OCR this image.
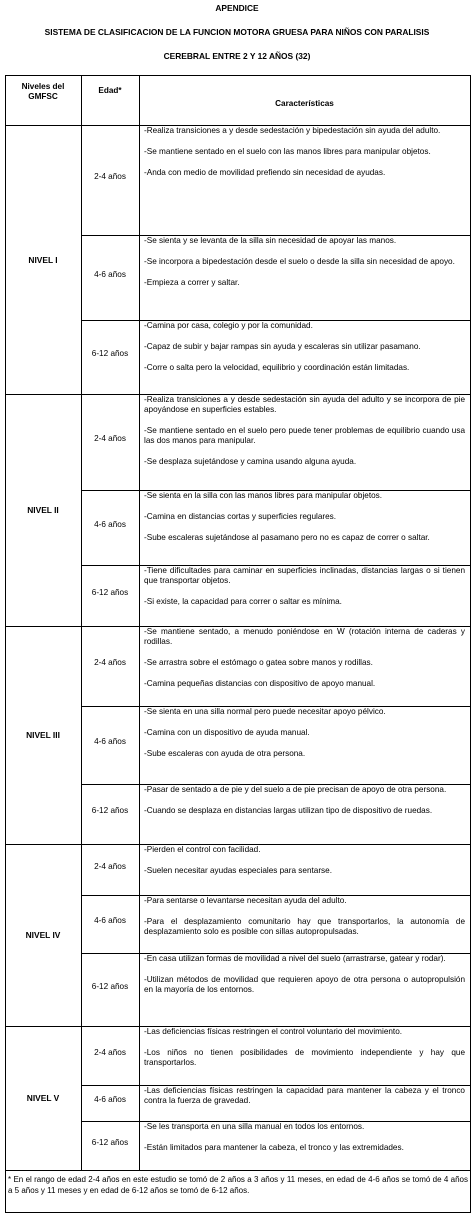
APENDICE
SISTEMA DE CLASIFICACION DE LA FUNCION MOTORA GRUESA PARA NIÑOS CON PARALISIS
CEREBRAL ENTRE 2 Y 12 AÑOS (32)
Niveles del GMFSC
Edad*
Características
NIVEL I
2-4 años

-Realiza transiciones a y desde sedestación y bipedestación sin ayuda del adulto.

-Se mantiene sentado en el suelo con las manos libres para manipular objetos.

-Anda con medio de movilidad prefiendo sin necesidad de ayudas.

4-6 años

-Se sienta y se levanta de la silla sin necesidad de apoyar las manos.

-Se incorpora a bipedestación desde el suelo o desde la silla sin necesidad de apoyo.

-Empieza a correr y saltar.

6-12 años

-Camina por casa, colegio y por la comunidad.

-Capaz de subir y bajar rampas sin ayuda y escaleras sin utilizar pasamano.

-Corre o salta pero la velocidad, equilibrio y coordinación están limitadas.

NIVEL II
2-4 años

-Realiza transiciones a y desde sedestación sin ayuda del adulto y se incorpora de pie apoyándose en superficies estables.

-Se mantiene sentado en el suelo pero puede tener problemas de equilibrio cuando usa las dos manos para manipular.

-Se desplaza sujetándose y camina usando alguna ayuda.

4-6 años

-Se sienta en la silla con las manos libres para manipular objetos.

-Camina en distancias cortas y superficies regulares.

-Sube escaleras sujetándose al pasamano pero no es capaz de correr o saltar.

6-12 años

-Tiene dificultades para caminar en superficies inclinadas, distancias largas o si tienen que transportar objetos.

-Si existe, la capacidad para correr o saltar es mínima.

NIVEL III
2-4 años

-Se mantiene sentado, a menudo poniéndose en W (rotación interna de caderas y rodillas.

-Se arrastra sobre el estómago o gatea sobre manos y rodillas.

-Camina pequeñas distancias con dispositivo de apoyo manual.

4-6 años

-Se sienta en una silla normal pero puede necesitar apoyo pélvico.

-Camina con un dispositivo de ayuda manual.

-Sube escaleras con ayuda de otra persona.

6-12 años

-Pasar de sentado a de pie y del suelo a de pie precisan de apoyo de otra persona.

-Cuando se desplaza en distancias largas utilizan tipo de dispositivo de ruedas.

NIVEL IV
2-4 años

-Pierden el control con facilidad.

-Suelen necesitar ayudas especiales para sentarse.

4-6 años

-Para sentarse o levantarse necesitan ayuda del adulto.

-Para el desplazamiento comunitario hay que transportarlos, la autonomía de desplazamiento solo es posible con sillas autopropulsadas.

6-12 años

-En casa utilizan formas de movilidad a nivel del suelo (arrastrarse, gatear y rodar).

-Utilizan métodos de movilidad que requieren apoyo de otra persona o autopropulsión en la mayoría de los entornos.

NIVEL V
2-4 años

-Las deficiencias físicas restringen el control voluntario del movimiento.

-Los niños no tienen posibilidades de movimiento independiente y hay que transportarlos.

4-6 años

-Las deficiencias físicas restringen la capacidad para mantener la cabeza y el tronco contra la fuerza de gravedad.

6-12 años

-Se les transporta en una silla manual en todos los entornos.

-Están limitados para mantener la cabeza, el tronco y las extremidades.

* En el rango de edad 2-4 años en este estudio se tomó de 2 años a 3 años y 11 meses, en edad de 4-6 años se tomó de 4 años a 5 años y 11 meses y en edad de 6-12 años se tomó de 6-12 años.
